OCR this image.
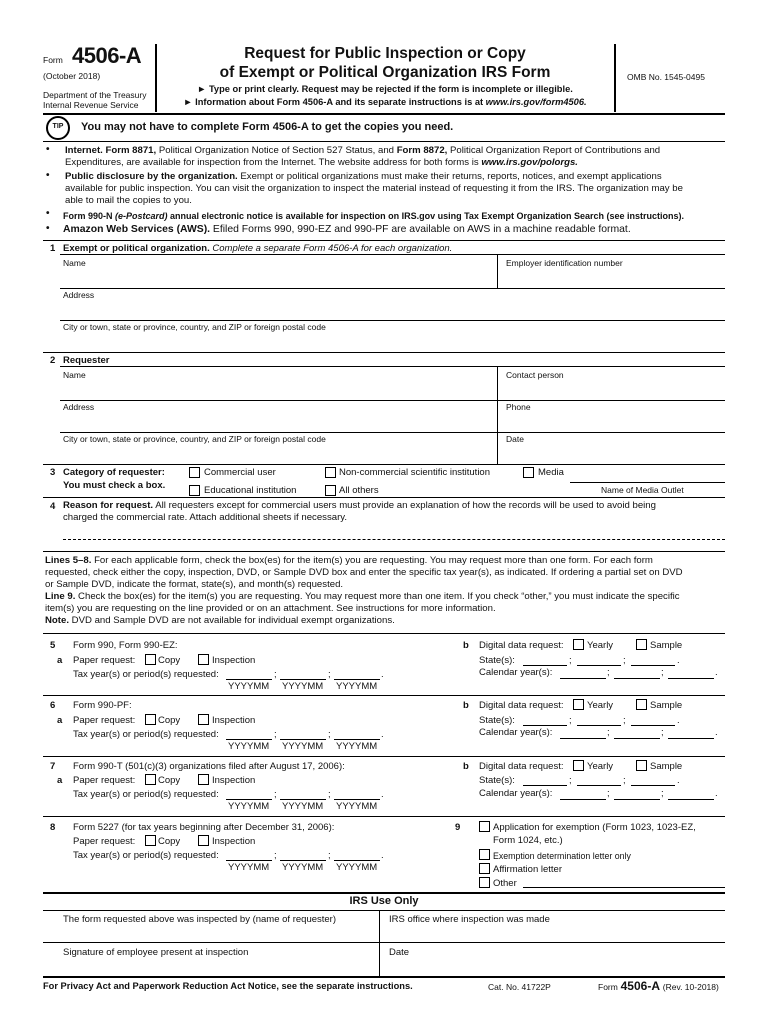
Form 4506-A
(October 2018)
Department of the Treasury
Internal Revenue Service
Request for Public Inspection or Copy
of Exempt or Political Organization IRS Form
► Type or print clearly. Request may be rejected if the form is incomplete or illegible.
► Information about Form 4506-A and its separate instructions is at www.irs.gov/form4506.
OMB No. 1545-0495
TIP	You may not have to complete Form 4506-A to get the copies you need.
• Internet. Form 8871, Political Organization Notice of Section 527 Status, and Form 8872, Political Organization Report of Contributions and
Expenditures, are available for inspection from the Internet. The website address for both forms is www.irs.gov/polorgs.
• Public disclosure by the organization. Exempt or political organizations must make their returns, reports, notices, and exempt applications
available for public inspection. You can visit the organization to inspect the material instead of requesting it from the IRS. The organization may be
able to mail the copies to you.
• Form 990-N (e-Postcard) annual electronic notice is available for inspection on IRS.gov using Tax Exempt Organization Search (see instructions).
• Amazon Web Services (AWS). Efiled Forms 990, 990-EZ and 990-PF are available on AWS in a machine readable format.
1 Exempt or political organization. Complete a separate Form 4506-A for each organization.
Name	Employer identification number
Address
City or town, state or province, country, and ZIP or foreign postal code
2 Requester
Name	Contact person
Address	Phone
City or town, state or province, country, and ZIP or foreign postal code	Date
3 Category of requester:
You must check a box.
Commercial user	Non-commercial scientific institution	Media
Educational institution	All others	Name of Media Outlet
4 Reason for request. All requesters except for commercial users must provide an explanation of how the records will be used to avoid being
charged the commercial rate. Attach additional sheets if necessary.
Lines 5–8. For each applicable form, check the box(es) for the item(s) you are requesting. You may request more than one form. For each form
requested, check either the copy, inspection, DVD, or Sample DVD box and enter the specific tax year(s), as indicated. If ordering a partial set on DVD
or Sample DVD, indicate the format, state(s), and month(s) requested.
Line 9. Check the box(es) for the item(s) you are requesting. You may request more than one item. If you check “other,” you must indicate the specific
item(s) you are requesting on the line provided or on an attachment. See instructions for more information.
Note. DVD and Sample DVD are not available for individual exempt organizations.
5 Form 990, Form 990-EZ:
a Paper request: Copy	Inspection
Tax year(s) or period(s) requested:	;	;	.
YYYYMM YYYYMM YYYYMM
b Digital data request: Yearly	Sample
State(s):	;	;	.
Calendar year(s):	;	;	.
6 Form 990-PF:
a Paper request: Copy	Inspection
Tax year(s) or period(s) requested:	;	;	.
YYYYMM YYYYMM YYYYMM
b Digital data request: Yearly	Sample
State(s):	;	;	.
Calendar year(s):	;	;	.
7 Form 990-T (501(c)(3) organizations filed after August 17, 2006):
a Paper request: Copy	Inspection
Tax year(s) or period(s) requested:	;	;	.
YYYYMM YYYYMM YYYYMM
b Digital data request: Yearly	Sample
State(s):	;	;	.
Calendar year(s):	;	;	.
8 Form 5227 (for tax years beginning after December 31, 2006):
Paper request: Copy	Inspection
Tax year(s) or period(s) requested:	;	;	.
YYYYMM YYYYMM YYYYMM
9	Application for exemption (Form 1023, 1023-EZ,
Form 1024, etc.)
Exemption determination letter only
Affirmation letter
Other
IRS Use Only
The form requested above was inspected by (name of requester)	IRS office where inspection was made
Signature of employee present at inspection	Date
For Privacy Act and Paperwork Reduction Act Notice, see the separate instructions.	Cat. No. 41722P	Form 4506-A (Rev. 10-2018)
